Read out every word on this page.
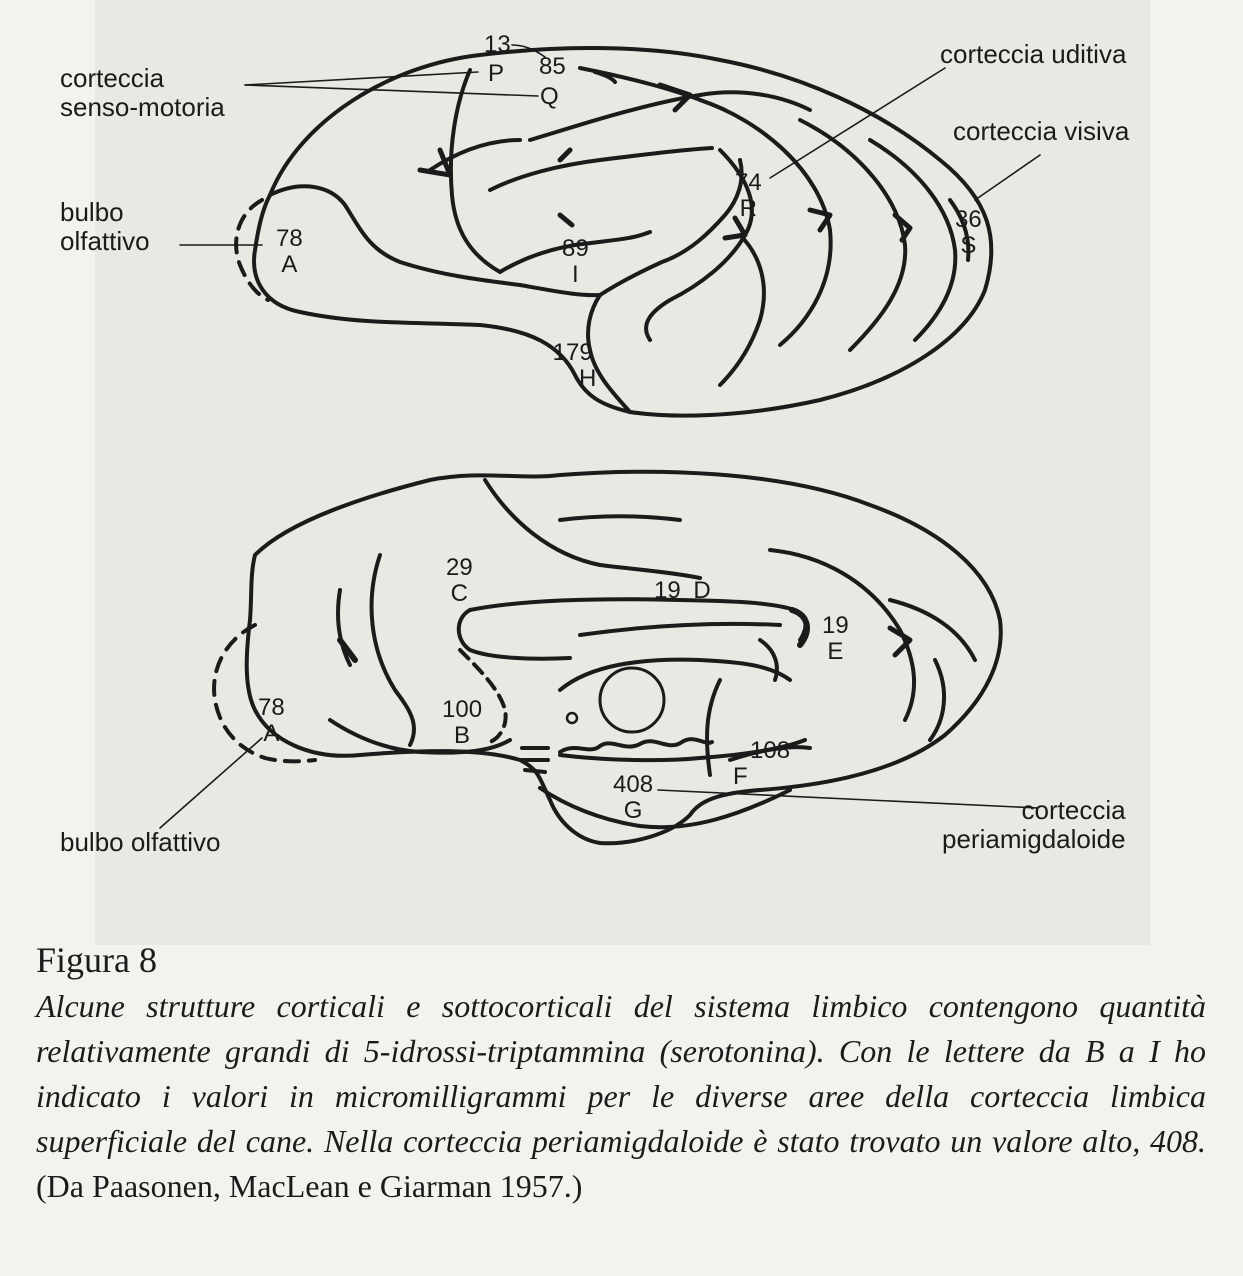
corteccia
senso-motoria
corteccia uditiva
corteccia visiva
bulbo
olfattivo
bulbo olfattivo
corteccia
periamigdaloide
13
P 85
Q
78
A
89
I
74
R	36
S
179
H
29
C	19 D
19
E
78
A
100
B
108
F
408
G
Figura 8
Alcune strutture corticali e sottocorticali del sistema limbico contengono quantità relativamente grandi di 5-idrossi-triptammina (serotonina). Con le lettere da B a I ho indicato i valori in micromilligrammi per le diverse aree della corteccia limbica superficiale del cane. Nella corteccia periamigdaloide è stato trovato un valore alto, 408. (Da Paasonen, MacLean e Giarman 1957.)
